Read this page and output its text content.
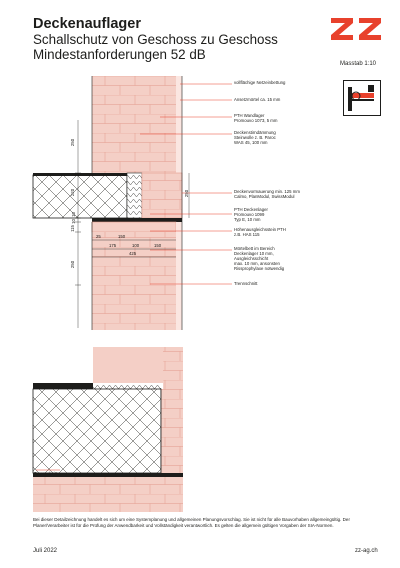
Deckenauflager
Schallschutz von Geschoss zu Geschoss
Mindestanforderungen 52 dB
Masstab 1:10
vollflächige Netzeinbettung
Ansetzmörtel ca. 15 mm
PTH Wandlager
Promouvo 1073, 5 mm
Deckenstirndämmung
Steinwolle z. B. Paroc
WAS 45, 100 mm
Deckenvormauerung min. 125 mm
Calmo, PlanModul, SwissModul
PTH Deckenlager
Promouvo 1099
Typ E, 10 mm
Höhenausgleichsstein PTH
z.B. HAS 115
Mörtelbett im Bereich
Deckenlager 10 mm,
Ausgleichsschicht
max. 10 mm, ansonsten
Rissprophylaxe notwendig
Trennschnitt
Trennschnitt
250
220
10
10
115
250
250
25	150
175	100	150
425
Bei dieser Detailzeichnung handelt es sich um eine Systemplanung und allgemeinen Planungsvorschlag. Sie ist nicht für alle Bauvorhaben allgemeingültig. Der Planer/Verarbeiter ist für die Prüfung der Anwendbarkeit und Vollständigkeit verantwortlich. Es gelten die allgemein gültigen Vorgaben der SIA-Normen.
Juli 2022	zz-ag.ch
